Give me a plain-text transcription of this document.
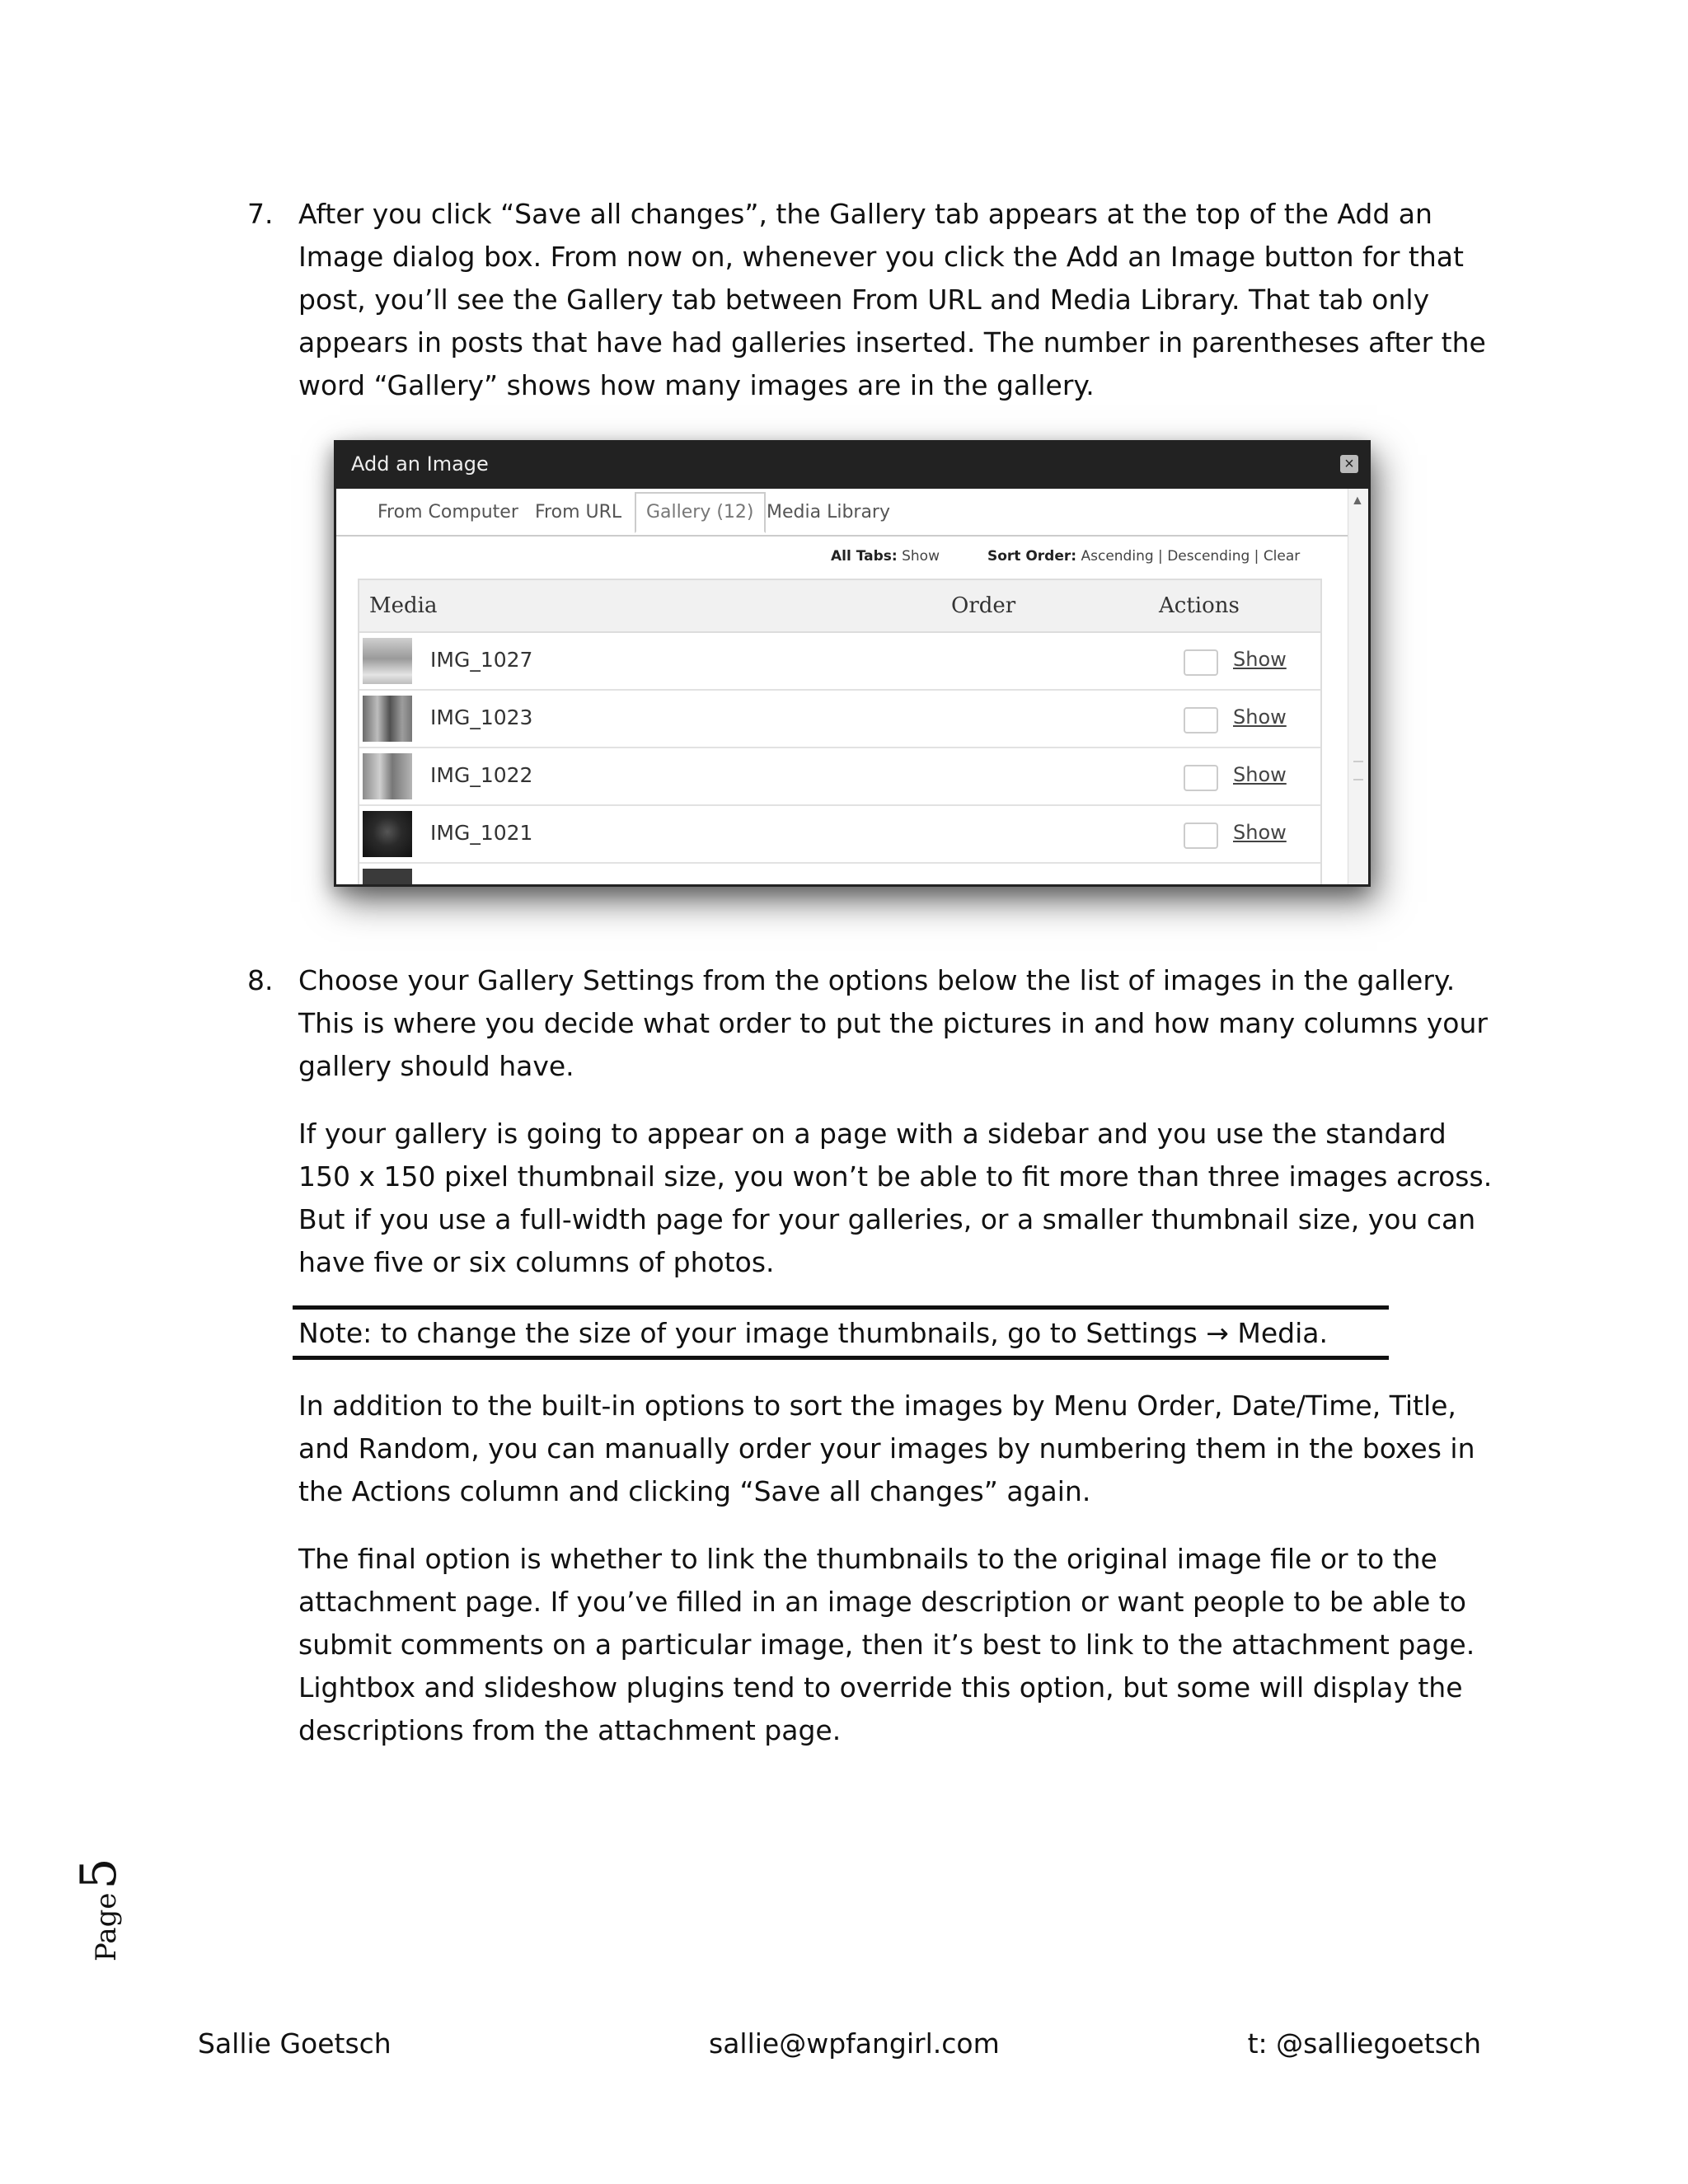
7. After you click “Save all changes”, the Gallery tab appears at the top of the Add an Image dialog box. From now on, whenever you click the Add an Image button for that post, you’ll see the Gallery tab between From URL and Media Library. That tab only appears in posts that have had galleries inserted. The number in parentheses after the word “Gallery” shows how many images are in the gallery.
Add an Image	×
From Computer From URL	Gallery (12) Media Library
▲
All Tabs: Show	Sort Order: Ascending | Descending | Clear
Media	Order	Actions
IMG_1027	Show
IMG_1023	Show
IMG_1022	Show
IMG_1021	Show
8. Choose your Gallery Settings from the options below the list of images in the gallery. This is where you decide what order to put the pictures in and how many columns your gallery should have.

If your gallery is going to appear on a page with a sidebar and you use the standard 150 x 150 pixel thumbnail size, you won’t be able to fit more than three images across. But if you use a full-width page for your galleries, or a smaller thumbnail size, you can have five or six columns of photos.

Note: to change the size of your image thumbnails, go to Settings → Media.

In addition to the built-in options to sort the images by Menu Order, Date/Time, Title, and Random, you can manually order your images by numbering them in the boxes in the Actions column and clicking “Save all changes” again.

The final option is whether to link the thumbnails to the original image file or to the attachment page. If you’ve filled in an image description or want people to be able to submit comments on a particular image, then it’s best to link to the attachment page. Lightbox and slideshow plugins tend to override this option, but some will display the descriptions from the attachment page.

Page5
Sallie Goetsch	sallie@wpfangirl.com	t: @salliegoetsch
